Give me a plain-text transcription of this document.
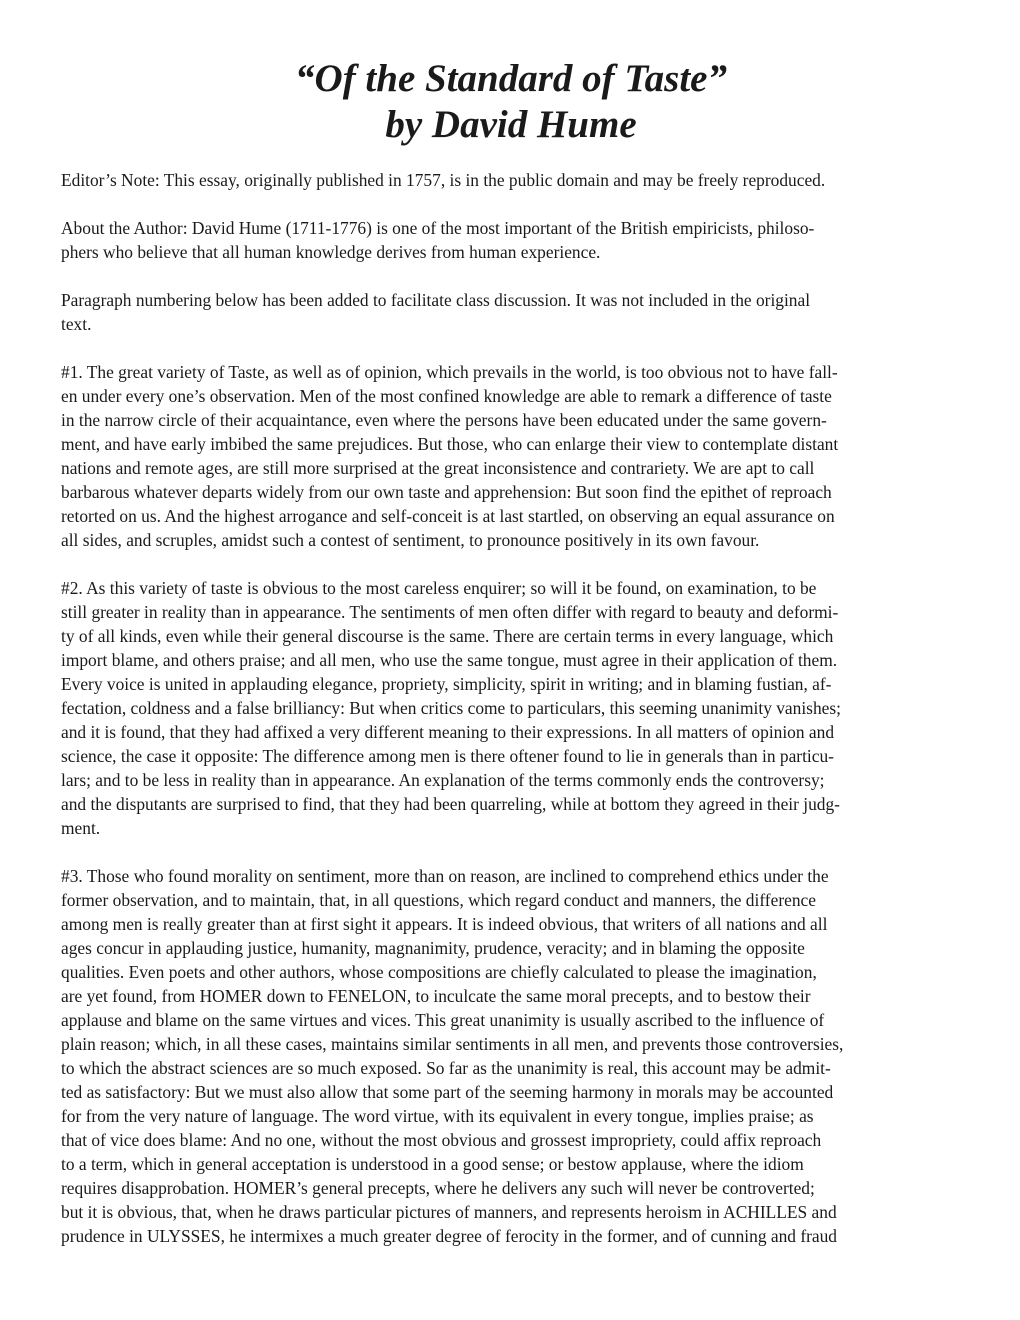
“Of the Standard of Taste”
by David Hume

Editor’s Note: This essay, originally published in 1757, is in the public domain and may be freely reproduced.

About the Author: David Hume (1711-1776) is one of the most important of the British empiricists, philoso-
phers who believe that all human knowledge derives from human experience.

Paragraph numbering below has been added to facilitate class discussion. It was not included in the original
text.

#1. The great variety of Taste, as well as of opinion, which prevails in the world, is too obvious not to have fall-
en under every one’s observation. Men of the most confined knowledge are able to remark a difference of taste
in the narrow circle of their acquaintance, even where the persons have been educated under the same govern-
ment, and have early imbibed the same prejudices. But those, who can enlarge their view to contemplate distant
nations and remote ages, are still more surprised at the great inconsistence and contrariety. We are apt to call
barbarous whatever departs widely from our own taste and apprehension: But soon find the epithet of reproach
retorted on us. And the highest arrogance and self-conceit is at last startled, on observing an equal assurance on
all sides, and scruples, amidst such a contest of sentiment, to pronounce positively in its own favour.

#2. As this variety of taste is obvious to the most careless enquirer; so will it be found, on examination, to be
still greater in reality than in appearance. The sentiments of men often differ with regard to beauty and deformi-
ty of all kinds, even while their general discourse is the same. There are certain terms in every language, which
import blame, and others praise; and all men, who use the same tongue, must agree in their application of them.
Every voice is united in applauding elegance, propriety, simplicity, spirit in writing; and in blaming fustian, af-
fectation, coldness and a false brilliancy: But when critics come to particulars, this seeming unanimity vanishes;
and it is found, that they had affixed a very different meaning to their expressions. In all matters of opinion and
science, the case it opposite: The difference among men is there oftener found to lie in generals than in particu-
lars; and to be less in reality than in appearance. An explanation of the terms commonly ends the controversy;
and the disputants are surprised to find, that they had been quarreling, while at bottom they agreed in their judg-
ment.

#3. Those who found morality on sentiment, more than on reason, are inclined to comprehend ethics under the
former observation, and to maintain, that, in all questions, which regard conduct and manners, the difference
among men is really greater than at first sight it appears. It is indeed obvious, that writers of all nations and all
ages concur in applauding justice, humanity, magnanimity, prudence, veracity; and in blaming the opposite
qualities. Even poets and other authors, whose compositions are chiefly calculated to please the imagination,
are yet found, from HOMER down to FENELON, to inculcate the same moral precepts, and to bestow their
applause and blame on the same virtues and vices. This great unanimity is usually ascribed to the influence of
plain reason; which, in all these cases, maintains similar sentiments in all men, and prevents those controversies,
to which the abstract sciences are so much exposed. So far as the unanimity is real, this account may be admit-
ted as satisfactory: But we must also allow that some part of the seeming harmony in morals may be accounted
for from the very nature of language. The word virtue, with its equivalent in every tongue, implies praise; as
that of vice does blame: And no one, without the most obvious and grossest impropriety, could affix reproach
to a term, which in general acceptation is understood in a good sense; or bestow applause, where the idiom
requires disapprobation. HOMER’s general precepts, where he delivers any such will never be controverted;
but it is obvious, that, when he draws particular pictures of manners, and represents heroism in ACHILLES and
prudence in ULYSSES, he intermixes a much greater degree of ferocity in the former, and of cunning and fraud
